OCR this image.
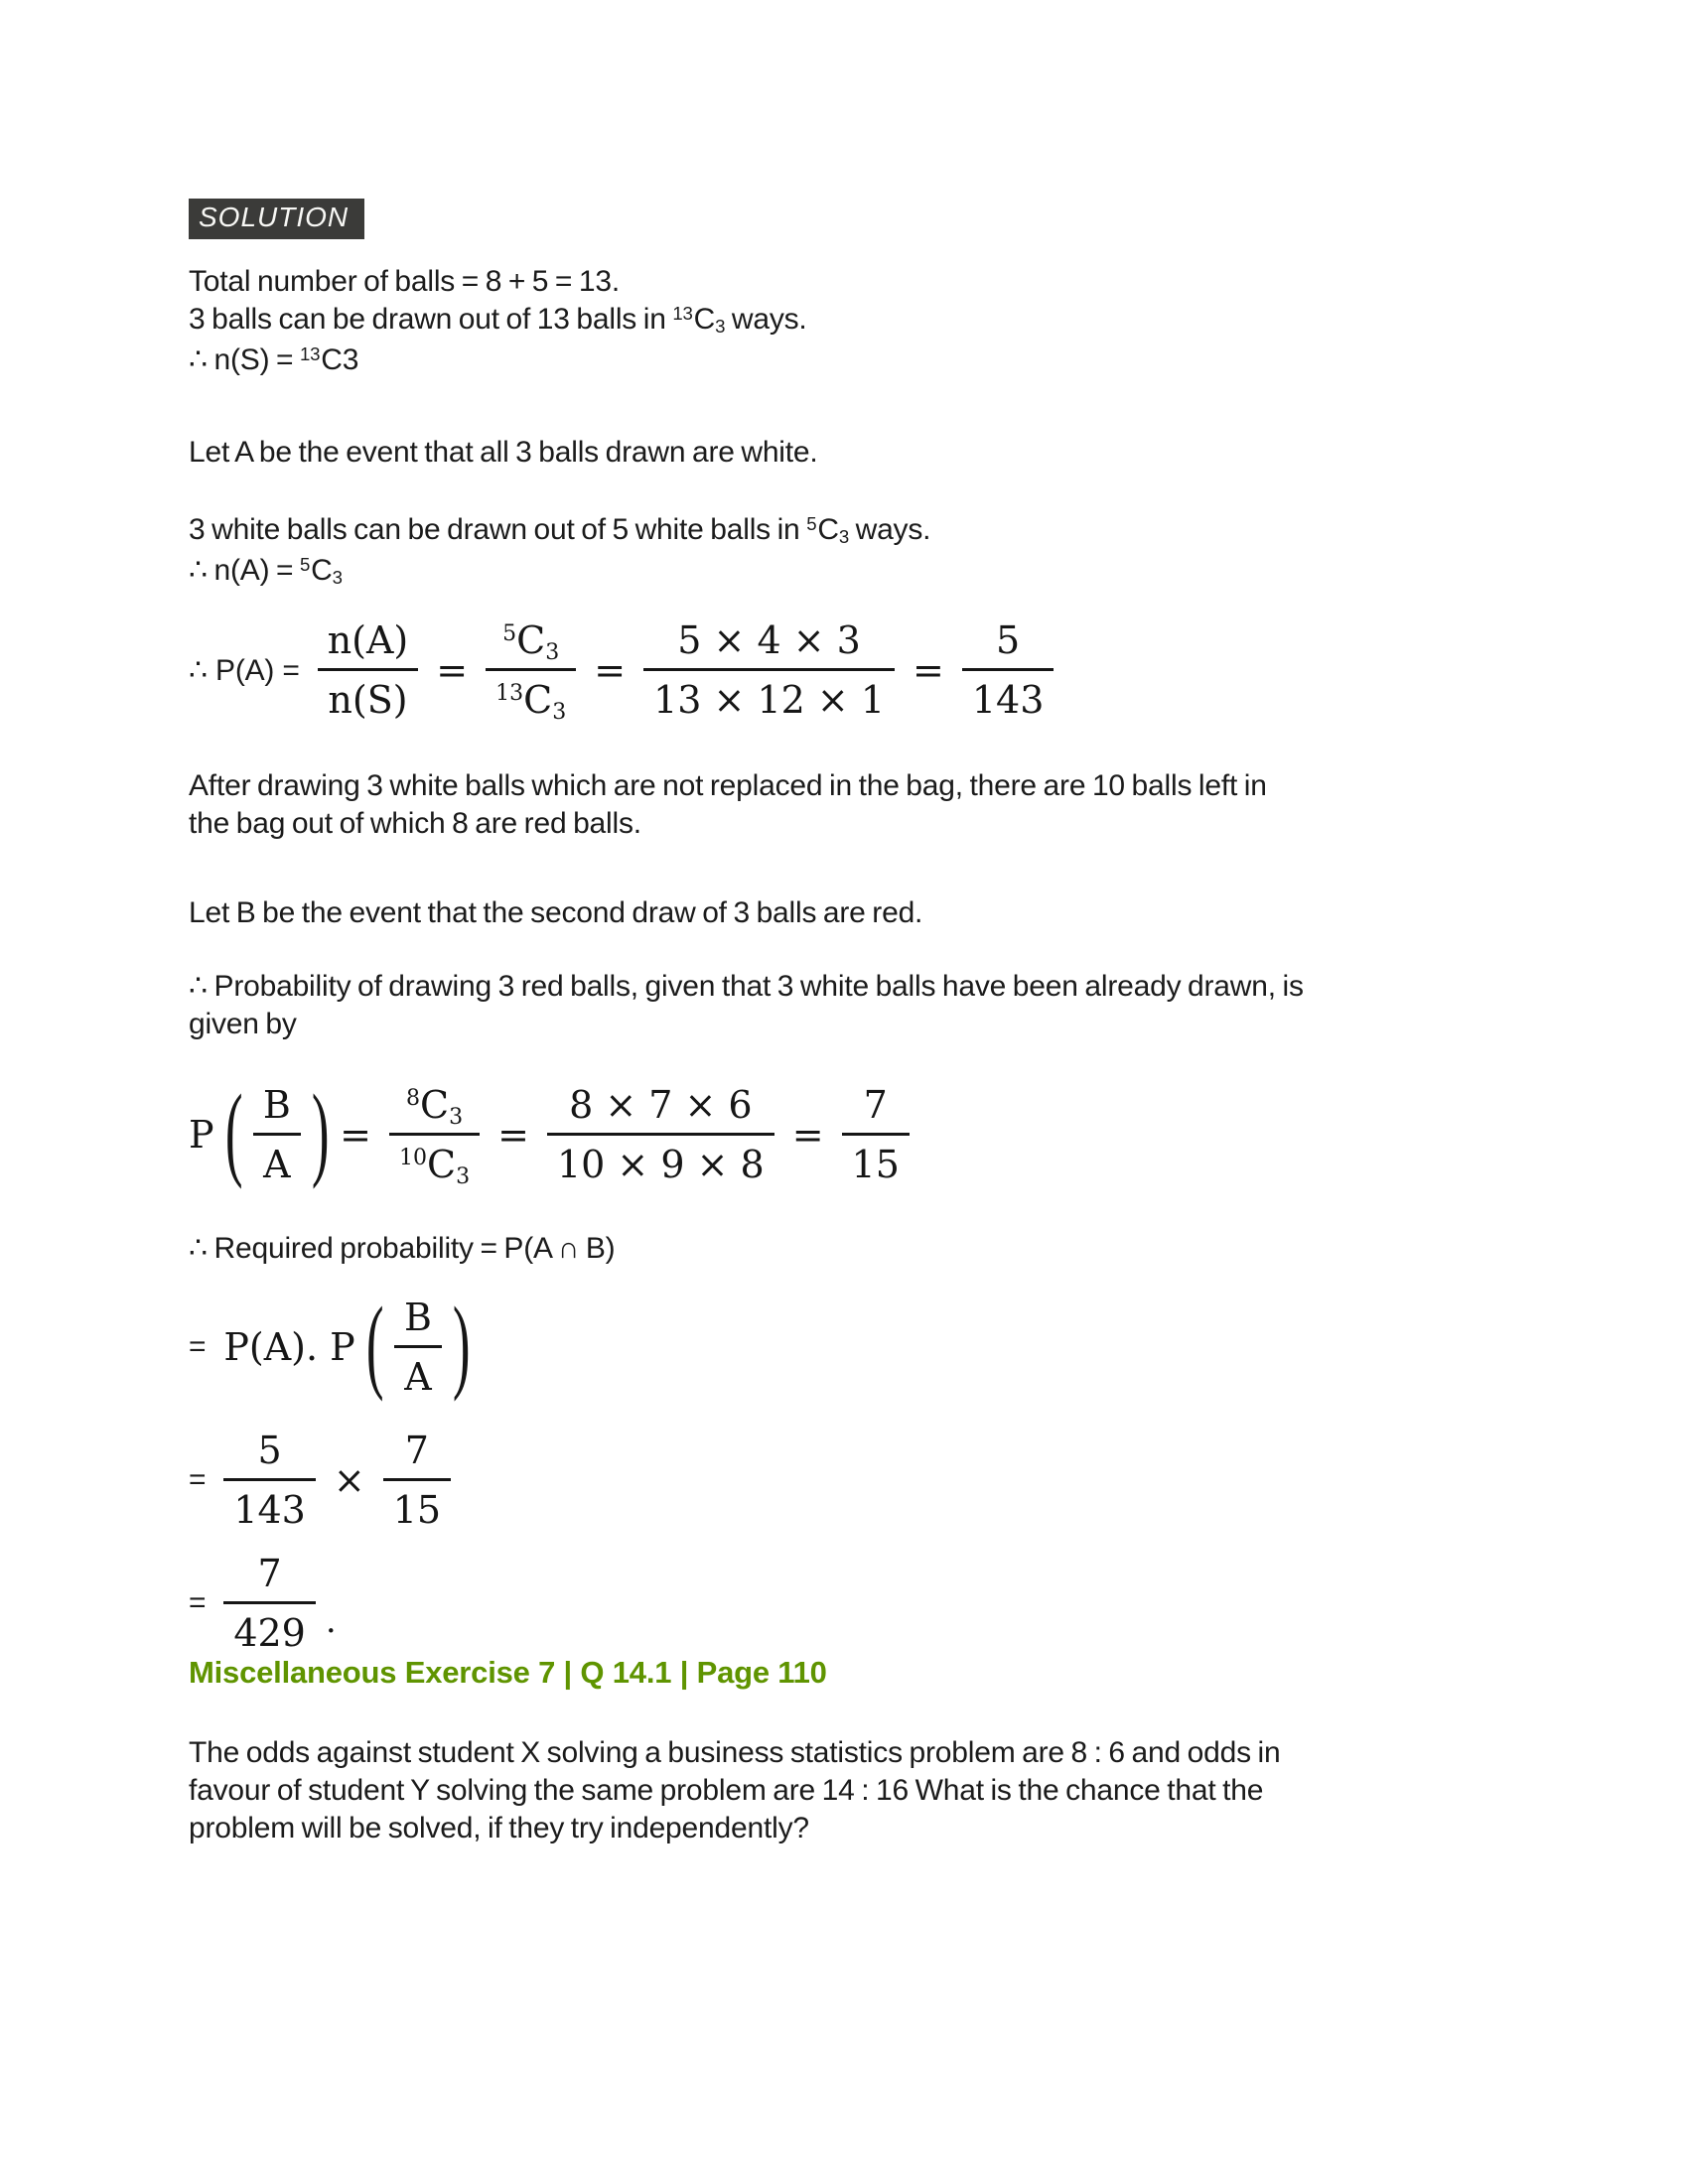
SOLUTION
Total number of balls = 8 + 5 = 13.
3 balls can be drawn out of 13 balls in $^{13}$C3 ways.
∴ n(S) = $^{13}$C3
Let A be the event that all 3 balls drawn are white.
3 white balls can be drawn out of 5 white balls in $^5$C3 ways.
∴ n(A) = $^5$C3
∴ $P(A) = \frac{n(A)}{n(S)} = \frac{^5C3}{^{13}C3} = \frac{5 \times 4 \times 3}{13 \times 12 \times 1} = \frac{5}{143}$
After drawing 3 white balls which are not replaced in the bag, there are 10 balls left in
the bag out of which 8 are red balls.
Let B be the event that the second draw of 3 balls are red.
∴ Probability of drawing 3 red balls, given that 3 white balls have been already drawn, is
given by
P ( $\frac{B}{A}$ ) = $\frac{^8C3}{^{10}C3} = \frac{8 \times 7 \times 6}{10 \times 9 \times 8} = \frac{7}{15}$
∴ Required probability = P(A ∩ B)
= P(A). P ( $\frac{B}{A}$ )
= $\frac{5}{143} \times \frac{7}{15}$
= $\frac{7}{429}$ .
Miscellaneous Exercise 7 | Q 14.1 | Page 110
The odds against student X solving a business statistics problem are 8 : 6 and odds in
favour of student Y solving the same problem are 14 : 16 What is the chance that the
problem will be solved, if they try independently?
